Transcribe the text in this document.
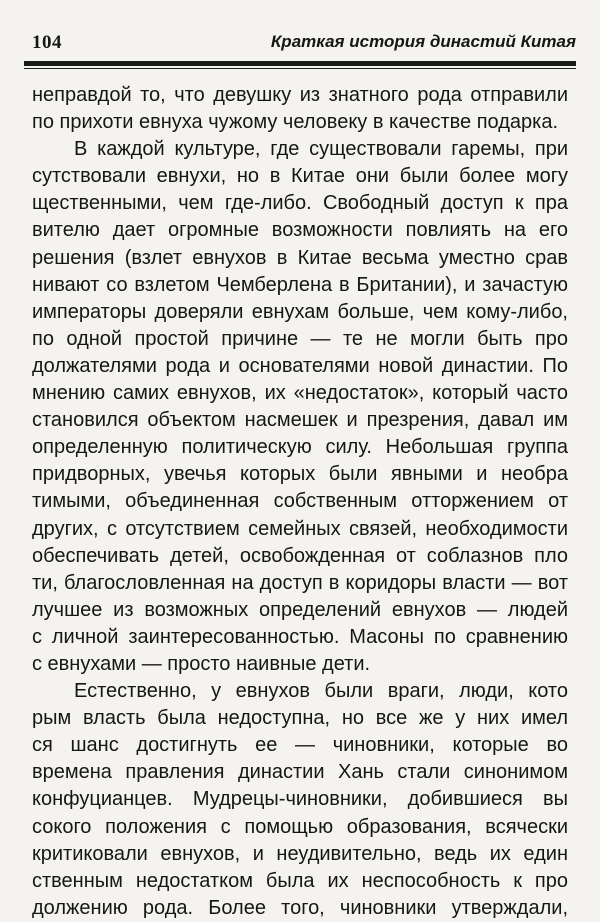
104	Краткая история династий Китая
неправдой то, что девушку из знатного рода отправили
по прихоти евнуха чужому человеку в качестве подарка.
В каждой культуре, где существовали гаремы, при
сутствовали евнухи, но в Китае они были более могу
щественными, чем где-либо. Свободный доступ к пра
вителю дает огромные возможности повлиять на его
решения (взлет евнухов в Китае весьма уместно срав
нивают со взлетом Чемберлена в Британии), и зачастую
императоры доверяли евнухам больше, чем кому-либо,
по одной простой причине — те не могли быть про
должателями рода и основателями новой династии. По
мнению самих евнухов, их «недостаток», который часто
становился объектом насмешек и презрения, давал им
определенную политическую силу. Небольшая группа
придворных, увечья которых были явными и необра
тимыми, объединенная собственным отторжением от
других, с отсутствием семейных связей, необходимости
обеспечивать детей, освобожденная от соблазнов пло
ти, благословленная на доступ в коридоры власти — вот
лучшее из возможных определений евнухов — людей
с личной заинтересованностью. Масоны по сравнению
с евнухами — просто наивные дети.
Естественно, у евнухов были враги, люди, кото
рым власть была недоступна, но все же у них имел
ся шанс достигнуть ее — чиновники, которые во
времена правления династии Хань стали синонимом
конфуцианцев. Мудрецы-чиновники, добившиеся вы
сокого положения с помощью образования, всячески
критиковали евнухов, и неудивительно, ведь их един
ственным недостатком была их неспособность к про
должению рода. Более того, чиновники утверждали,
